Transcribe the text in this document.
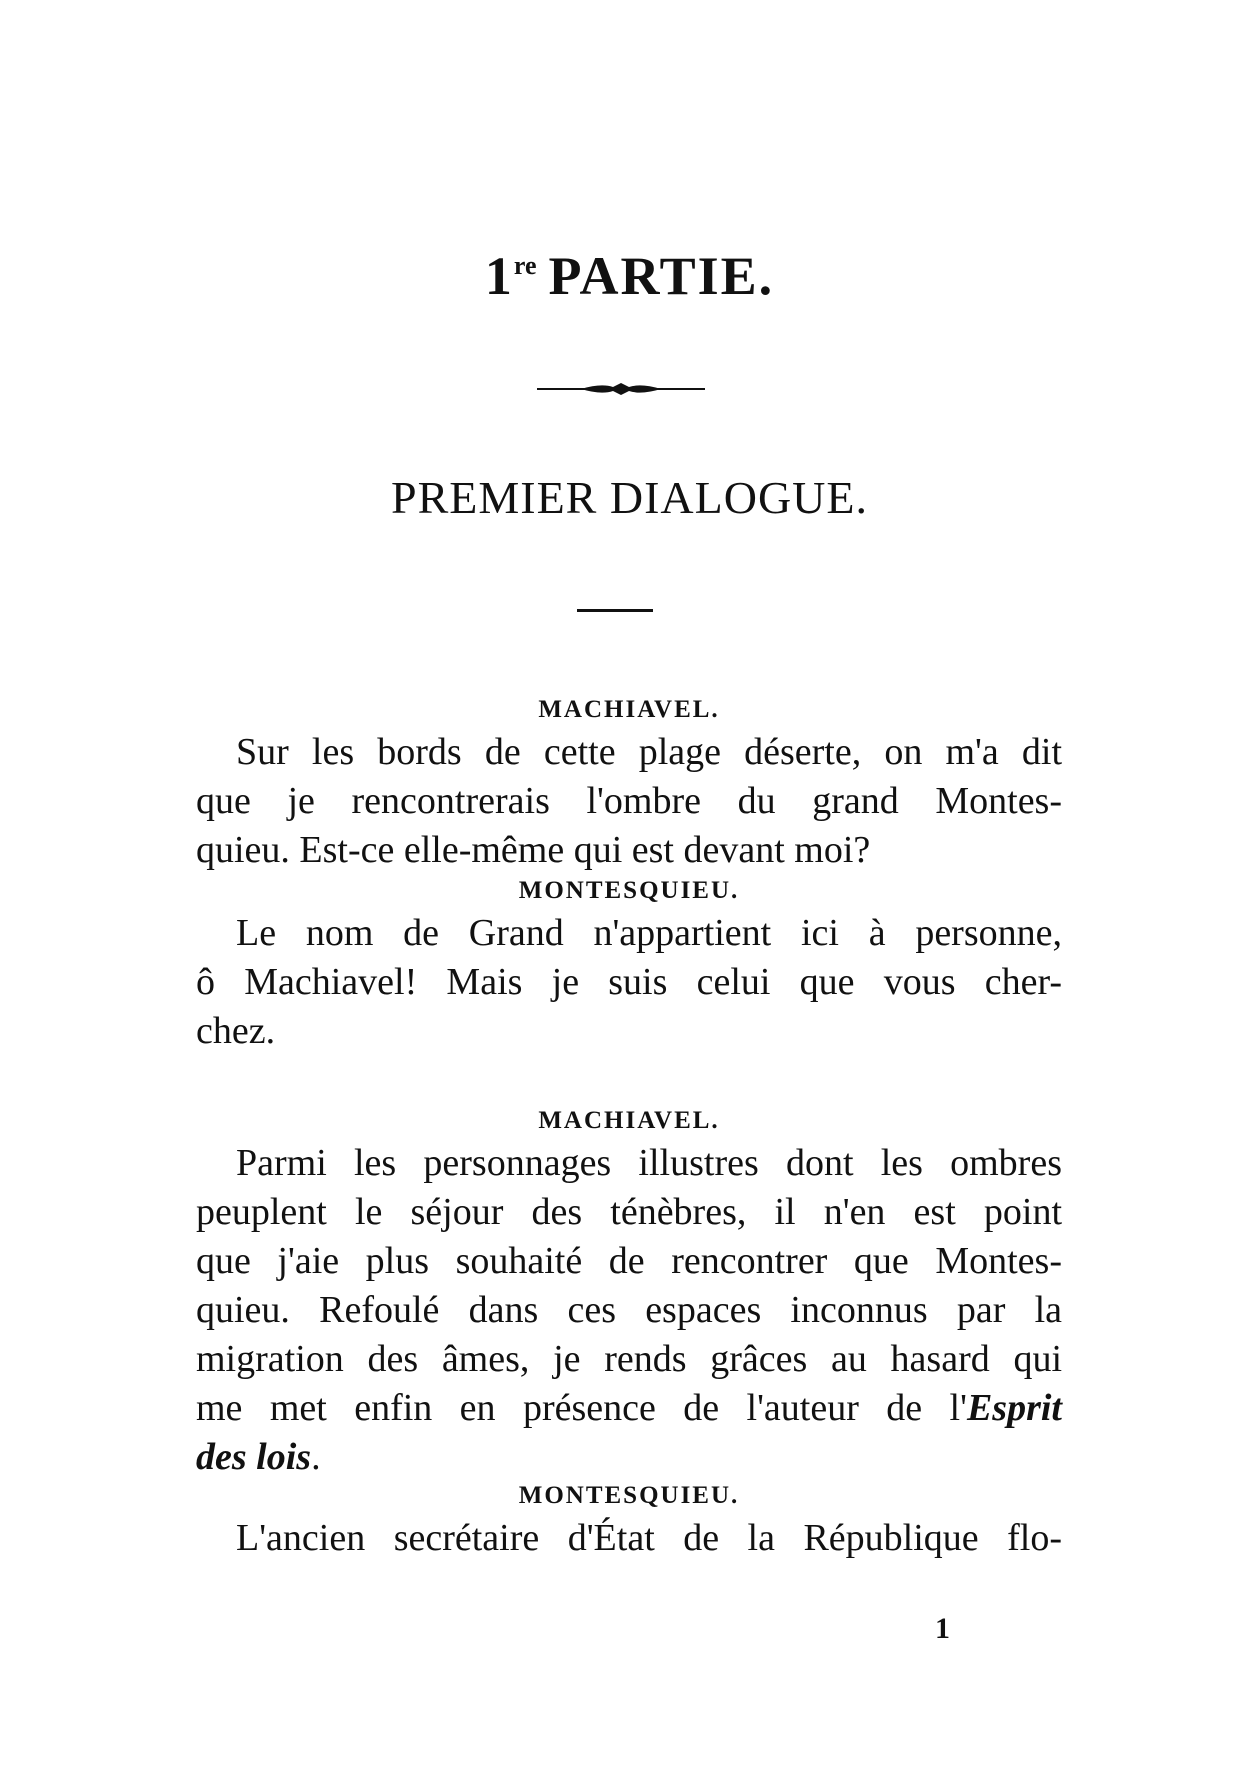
1re PARTIE.
PREMIER DIALOGUE.
MACHIAVEL.

Sur les bords de cette plage déserte, on m'a dit
que je rencontrerais l'ombre du grand Montes-
quieu. Est-ce elle-même qui est devant moi?

MONTESQUIEU.

Le nom de Grand n'appartient ici à personne,
ô Machiavel! Mais je suis celui que vous cher-
chez.

MACHIAVEL.

Parmi les personnages illustres dont les ombres
peuplent le séjour des ténèbres, il n'en est point
que j'aie plus souhaité de rencontrer que Montes-
quieu. Refoulé dans ces espaces inconnus par la
migration des âmes, je rends grâces au hasard qui
me met enfin en présence de l'auteur de l'Esprit
des lois.

MONTESQUIEU.

L'ancien secrétaire d'État de la République flo-

1
